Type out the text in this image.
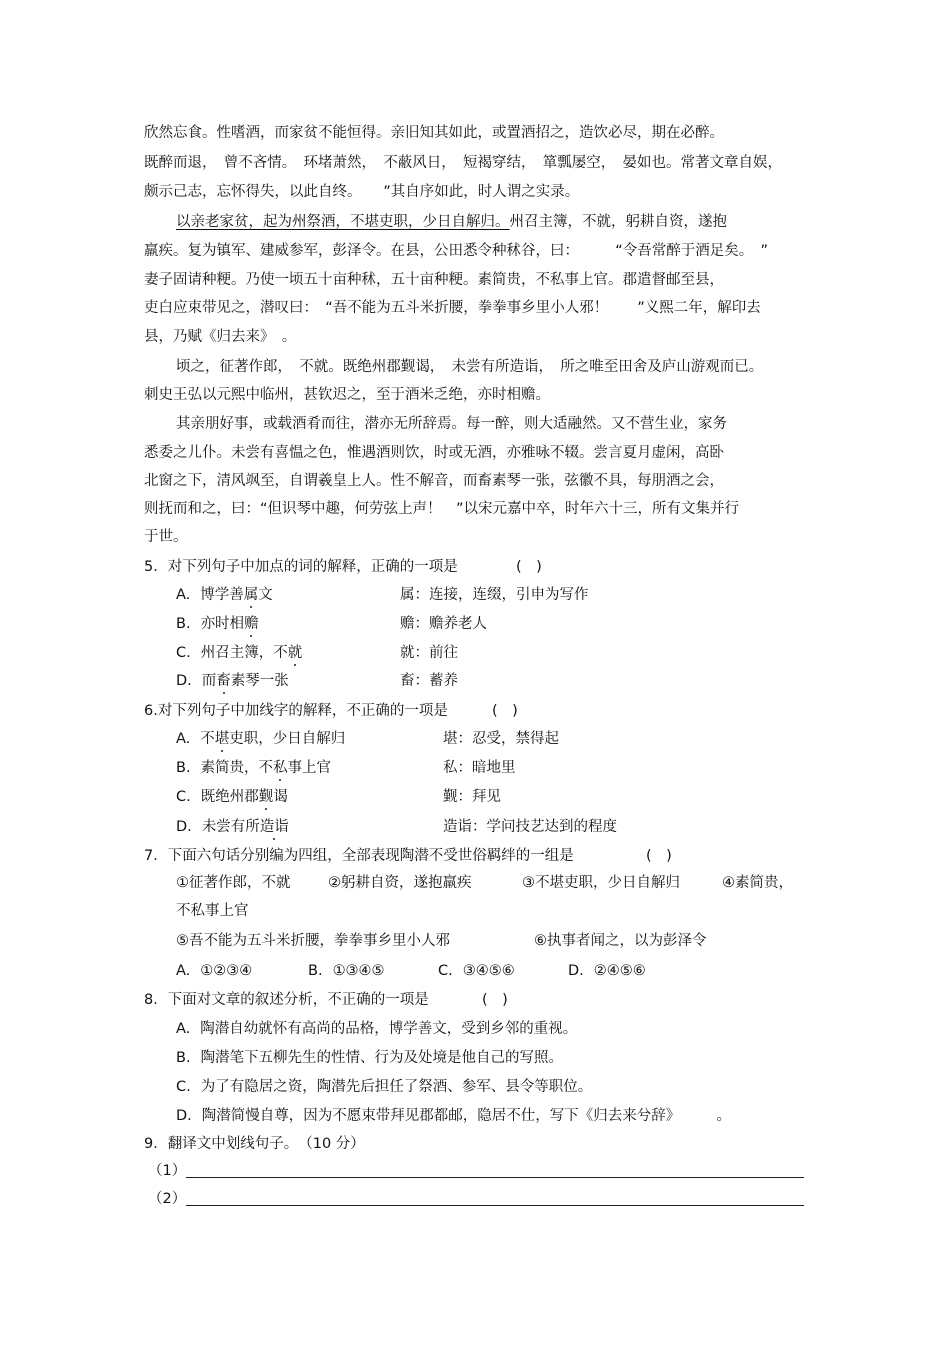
欣然忘食。性嗜酒，而家贫不能恒得。亲旧知其如此，或置酒招之，造饮必尽，期在必醉。
既醉而退，　曾不吝情。　环堵萧然，　不蔽风日，　短褐穿结，　箪瓢屡空，　晏如也。常著文章自娱，
颇示己志，忘怀得失，以此自终。　　”其自序如此，时人谓之实录。
以亲老家贫，起为州祭酒，不堪吏职，少日自解归。州召主簿，不就，躬耕自资，遂抱
羸疾。复为镇军、建威参军，彭泽令。在县，公田悉令种秫谷，曰：　　　“令吾常醉于酒足矣。　”
妻子固请种粳。乃使一顷五十亩种秫，五十亩种粳。素简贵，不私事上官。郡遣督邮至县，
吏白应束带见之，潜叹曰：　“吾不能为五斗米折腰，拳拳事乡里小人邪！　　”义熙二年，解印去
县，乃赋《归去来》　。
顷之，征著作郎，　不就。既绝州郡觐谒，　未尝有所造诣，　所之唯至田舍及庐山游观而已。
刺史王弘以元熙中临州，甚钦迟之，至于酒米乏绝，亦时相赡。
其亲朋好事，或载酒肴而往，潜亦无所辞焉。每一醉，则大适融然。又不营生业，家务
悉委之儿仆。未尝有喜愠之色，惟遇酒则饮，时或无酒，亦雅咏不辍。尝言夏月虚闲，高卧
北窗之下，清风飒至，自谓羲皇上人。性不解音，而畜素琴一张，弦徽不具，每朋酒之会，
则抚而和之，曰：“但识琴中趣，何劳弦上声！　”以宋元嘉中卒，时年六十三，所有文集并行
于世。
5．对下列句子中加点的词的解释，正确的一项是	(　)
A. 博学善属文	属：连接，连缀，引申为写作
B. 亦时相赡	赡：赡养老人
C. 州召主簿，不就	就：前往
D. 而畜素琴一张	畜：蓄养
6.对下列句子中加线字的解释，不正确的一项是	(　)
A. 不堪吏职，少日自解归	堪：忍受，禁得起
B. 素简贵，不私事上官	私：暗地里
C. 既绝州郡觐谒	觐：拜见
D. 未尝有所造诣	造诣：学问技艺达到的程度
7．下面六句话分别编为四组，全部表现陶潜不受世俗羁绊的一组是	(　)
①征著作郎，不就	②躬耕自资，遂抱羸疾	③不堪吏职，少日自解归	④素简贵，
不私事上官
⑤吾不能为五斗米折腰，拳拳事乡里小人邪	⑥执事者闻之，以为彭泽令
A. ①②③④	B. ①③④⑤	C. ③④⑤⑥	D. ②④⑤⑥
8．下面对文章的叙述分析，不正确的一项是	(　)
A. 陶潜自幼就怀有高尚的品格，博学善文，受到乡邻的重视。
B. 陶潜笔下五柳先生的性情、行为及处境是他自己的写照。
C. 为了有隐居之资，陶潜先后担任了祭酒、参军、县令等职位。
D. 陶潜简慢自尊，因为不愿束带拜见郡都邮，隐居不仕，写下《归去来兮辞》　　　。
9．翻译文中划线句子。　（10 分）
（1）
（2）
